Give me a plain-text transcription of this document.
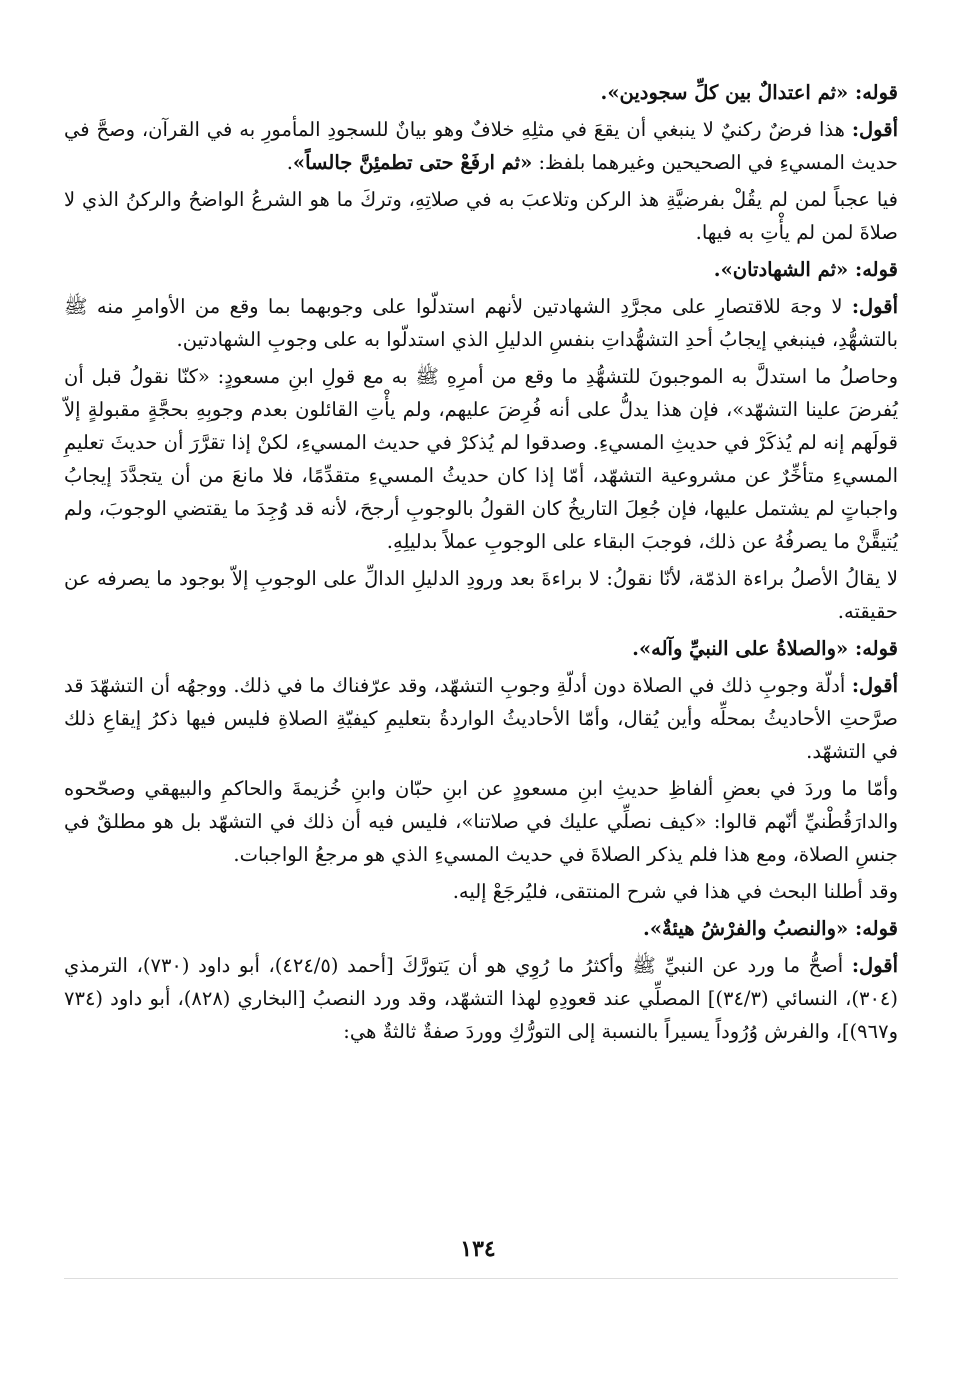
قوله: «ثم اعتدالٌ بين كلِّ سجودين».

أقول: هذا فرضٌ ركنيٌ لا ينبغي أن يقعَ في مثلِهِ خلافٌ وهو بيانٌ للسجودِ المأمورِ به في القرآن، وصحَّ في حديث المسيءِ في الصحيحين وغيرهما بلفظ: «ثم ارفَعْ حتى تطمئِنَّ جالساً».

فيا عجباً لمن لم يقُلْ بفرضيَّةِ هذ الركن وتلاعبَ به في صلاتِهِ، وتركَ ما هو الشرعُ الواضحُ والركنُ الذي لا صلاةَ لمن لم يأْتِ به فيها.

قوله: «ثم الشهادتان».

أقول: لا وجهَ للاقتصارِ على مجرَّدِ الشهادتين لأنهم استدلّوا على وجوبهما بما وقع من الأوامرِ منه ﷺ بالتشهُّدِ، فينبغي إيجابُ أحدِ التشهُّداتِ بنفسِ الدليلِ الذي استدلّوا به على وجوبِ الشهادتين.

وحاصلُ ما استدلَّ به الموجبونَ للتشهُّدِ ما وقع من أمرِهِ ﷺ به مع قولِ ابنِ مسعودٍ: «كنّا نقولُ قبل أن يُفرضَ علينا التشهّد»، فإن هذا يدلُّ على أنه فُرِضَ عليهم، ولم يأْتِ القائلون بعدم وجوبِهِ بحجَّةٍ مقبولةٍ إلاّ قولَهم إنه لم يُذكَرْ في حديثِ المسيءِ. وصدقوا لم يُذكرْ في حديث المسيءِ، لكنْ إذا تقرَّرَ أن حديثَ تعليمِ المسيءِ متأخِّرٌ عن مشروعية التشهّد، أمّا إذا كان حديثُ المسيءِ متقدِّمًا، فلا مانعَ من أن يتجدَّدَ إيجابُ واجباتٍ لم يشتمل عليها، فإن جُعِلَ التاريخُ كان القولُ بالوجوبِ أرجحَ، لأنه قد وُجِدَ ما يقتضي الوجوبَ، ولم يُتيقَّنْ ما يصرفُهُ عن ذلك، فوجبَ البقاء على الوجوبِ عملاً بدليلِهِ.

لا يقالُ الأصلُ براءة الذمّة، لأنّا نقولُ: لا براءةَ بعد ورودِ الدليلِ الدالِّ على الوجوبِ إلاّ بوجود ما يصرفه عن حقيقته.

قوله: «والصلاةُ على النبيِّ وآله».

أقول: أدلّة وجوبِ ذلك في الصلاة دون أدلّةِ وجوبِ التشهّد، وقد عرّفناك ما في ذلك. ووجهُه أن التشهّدَ قد صرَّحتِ الأحاديثُ بمحلِّه وأين يُقال، وأمّا الأحاديثُ الواردةُ بتعليمِ كيفيّةِ الصلاةِ فليس فيها ذكرُ إيقاعِ ذلك في التشهّد.

وأمّا ما وردَ في بعضِ ألفاظِ حديثِ ابنِ مسعودٍ عن ابنِ حبّان وابنِ خُزيمةَ والحاكمِ والبيهقي وصحّحوه والدارَقُطْنيِّ أنّهم قالوا: «كيف نصلِّي عليك في صلاتنا»، فليس فيه أن ذلك في التشهّد بل هو مطلقٌ في جنسِ الصلاة، ومع هذا فلم يذكر الصلاةَ في حديث المسيءِ الذي هو مرجعُ الواجبات.

وقد أطلنا البحث في هذا في شرح المنتقى، فليُرجَعْ إليه.

قوله: «والنصبُ والفرْشُ هيئةٌ».

أقول: أصحُّ ما ورد عن النبيِّ ﷺ وأكثرُ ما رُوِي هو أن يَتورَّكَ [أحمد (٤٢٤/٥)، أبو داود (٧٣٠)، الترمذي (٣٠٤)، النسائي (٣٤/٣)] المصلِّي عند قعودِهِ لهذا التشهّد، وقد ورد النصبُ [البخاري (٨٢٨)، أبو داود (٧٣٤ و٩٦٧)]، والفرش وُرُوداً يسيراً بالنسبة إلى التورُّكِ ووردَ صفةٌ ثالثةٌ هي:

١٣٤
